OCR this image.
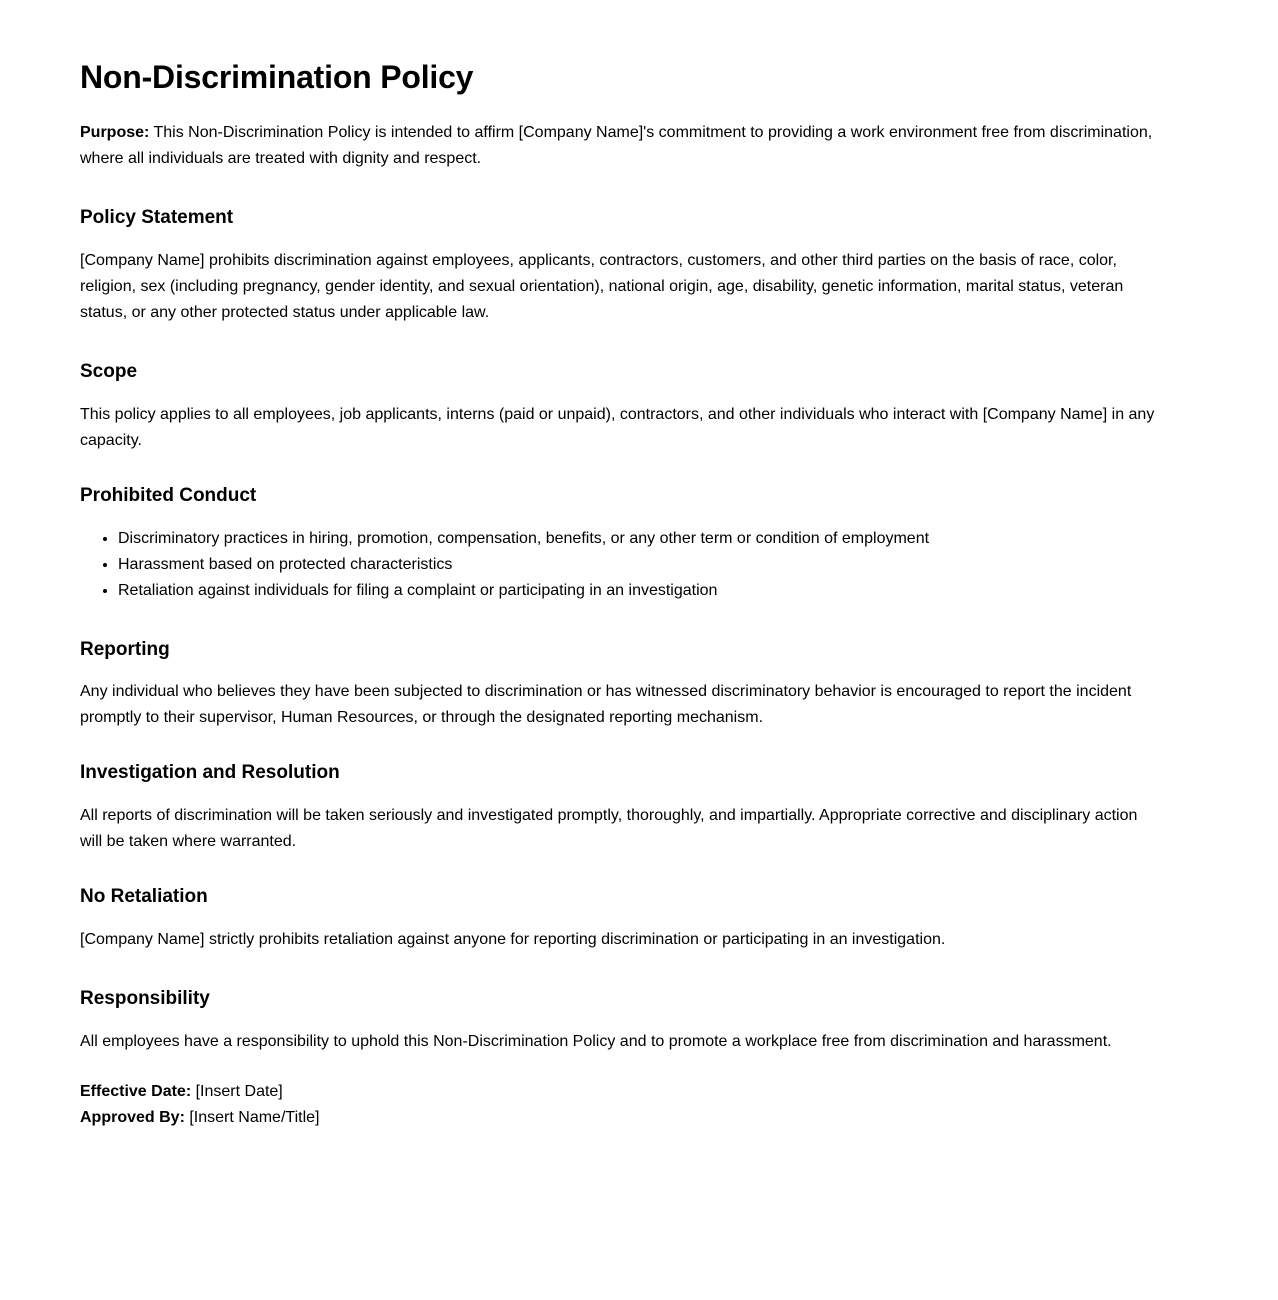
Non-Discrimination Policy

Purpose: This Non-Discrimination Policy is intended to affirm [Company Name]'s commitment to providing a work environment free from discrimination, where all individuals are treated with dignity and respect.

Policy Statement

[Company Name] prohibits discrimination against employees, applicants, contractors, customers, and other third parties on the basis of race, color, religion, sex (including pregnancy, gender identity, and sexual orientation), national origin, age, disability, genetic information, marital status, veteran status, or any other protected status under applicable law.

Scope

This policy applies to all employees, job applicants, interns (paid or unpaid), contractors, and other individuals who interact with [Company Name] in any capacity.

Prohibited Conduct
• Discriminatory practices in hiring, promotion, compensation, benefits, or any other term or condition of employment
• Harassment based on protected characteristics
• Retaliation against individuals for filing a complaint or participating in an investigation
Reporting

Any individual who believes they have been subjected to discrimination or has witnessed discriminatory behavior is encouraged to report the incident promptly to their supervisor, Human Resources, or through the designated reporting mechanism.

Investigation and Resolution

All reports of discrimination will be taken seriously and investigated promptly, thoroughly, and impartially. Appropriate corrective and disciplinary action will be taken where warranted.

No Retaliation

[Company Name] strictly prohibits retaliation against anyone for reporting discrimination or participating in an investigation.

Responsibility

All employees have a responsibility to uphold this Non-Discrimination Policy and to promote a workplace free from discrimination and harassment.

Effective Date: [Insert Date]
Approved By: [Insert Name/Title]
